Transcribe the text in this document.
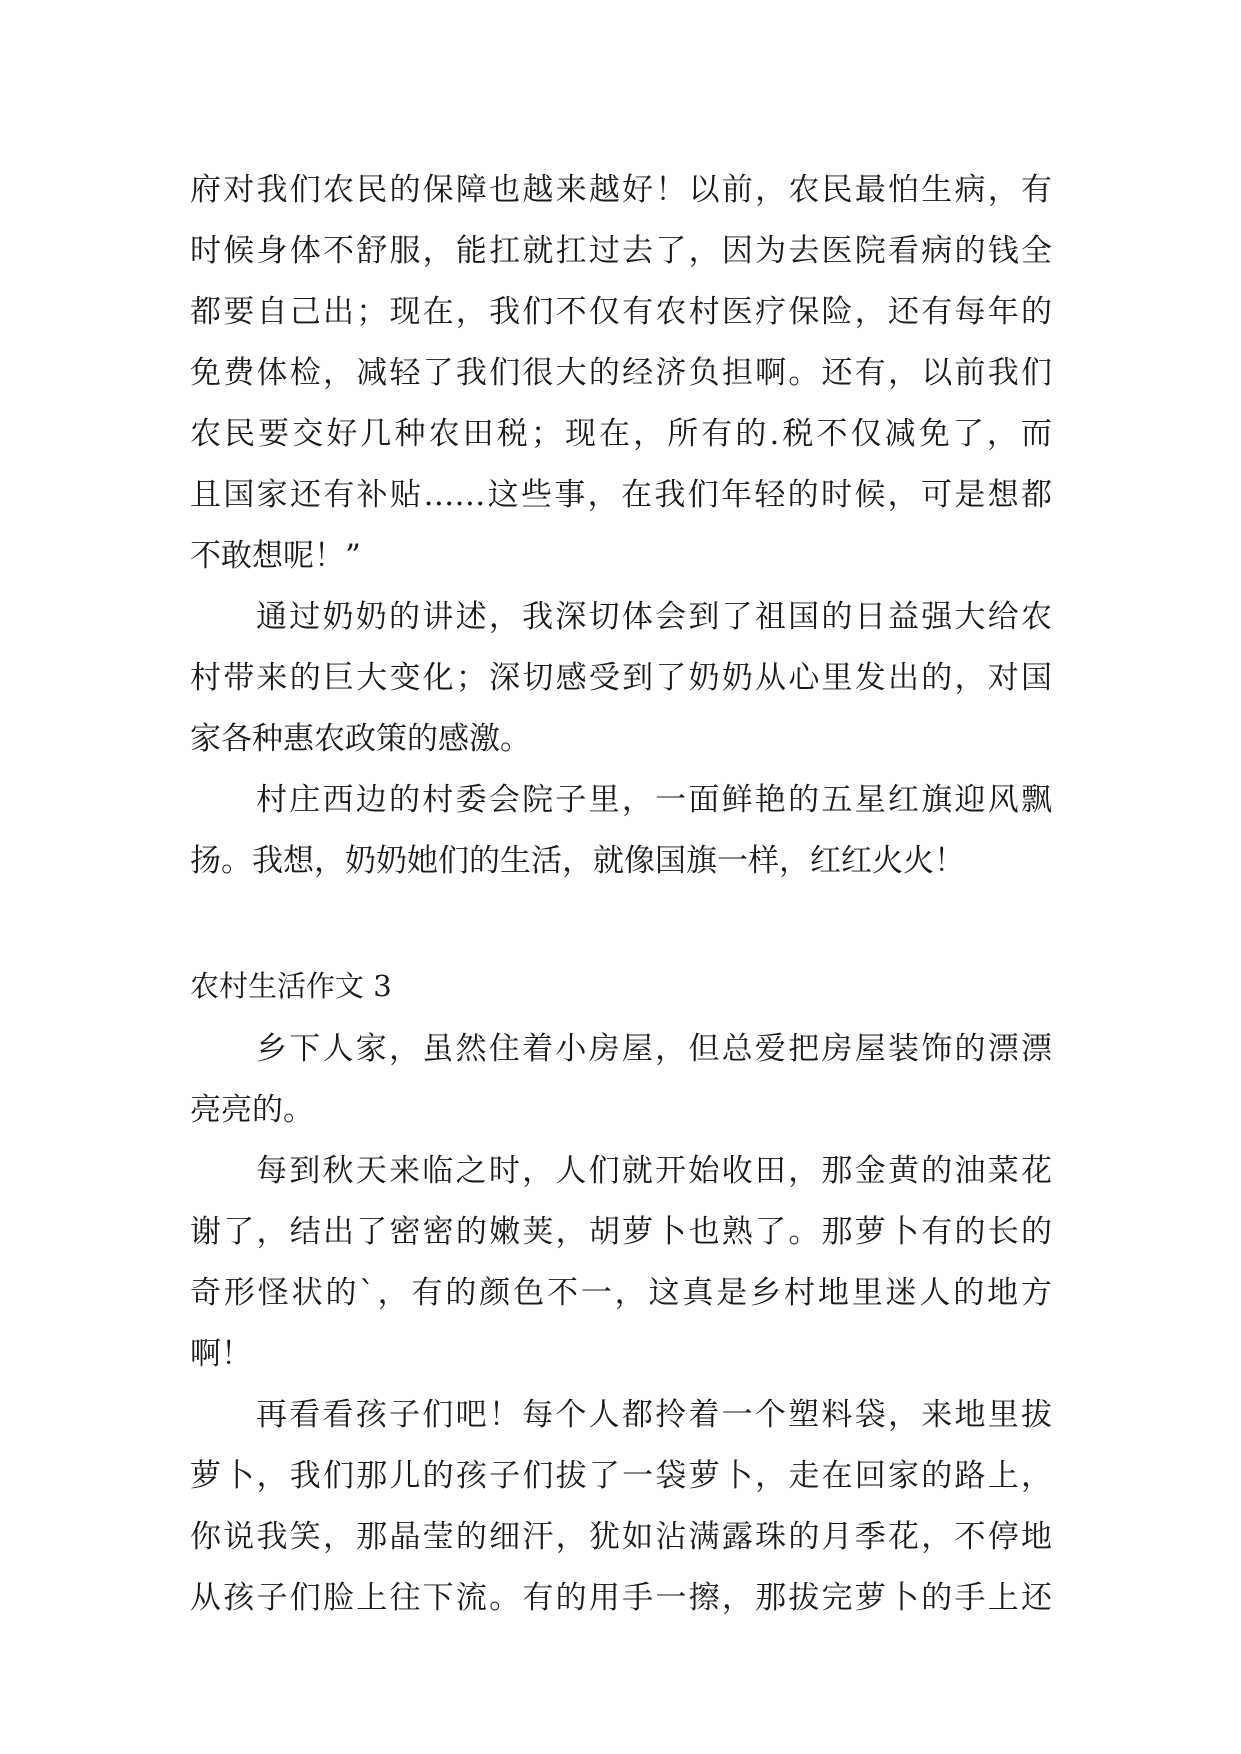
府对我们农民的保障也越来越好！以前，农民最怕生病，有
时候身体不舒服，能扛就扛过去了，因为去医院看病的钱全
都要自己出；现在，我们不仅有农村医疗保险，还有每年的
免费体检，减轻了我们很大的经济负担啊。还有，以前我们
农民要交好几种农田税；现在，所有的.税不仅减免了，而
且国家还有补贴……这些事，在我们年轻的时候，可是想都
不敢想呢！”
通过奶奶的讲述，我深切体会到了祖国的日益强大给农
村带来的巨大变化；深切感受到了奶奶从心里发出的，对国
家各种惠农政策的感激。
村庄西边的村委会院子里，一面鲜艳的五星红旗迎风飘
扬。我想，奶奶她们的生活，就像国旗一样，红红火火！
农村生活作文 3
乡下人家，虽然住着小房屋，但总爱把房屋装饰的漂漂
亮亮的。
每到秋天来临之时，人们就开始收田，那金黄的油菜花
谢了，结出了密密的嫩荚，胡萝卜也熟了。那萝卜有的长的
奇形怪状的`，有的颜色不一，这真是乡村地里迷人的地方
啊！
再看看孩子们吧！每个人都拎着一个塑料袋，来地里拔
萝卜，我们那儿的孩子们拔了一袋萝卜，走在回家的路上，
你说我笑，那晶莹的细汗，犹如沾满露珠的月季花，不停地
从孩子们脸上往下流。有的用手一擦，那拔完萝卜的手上还
